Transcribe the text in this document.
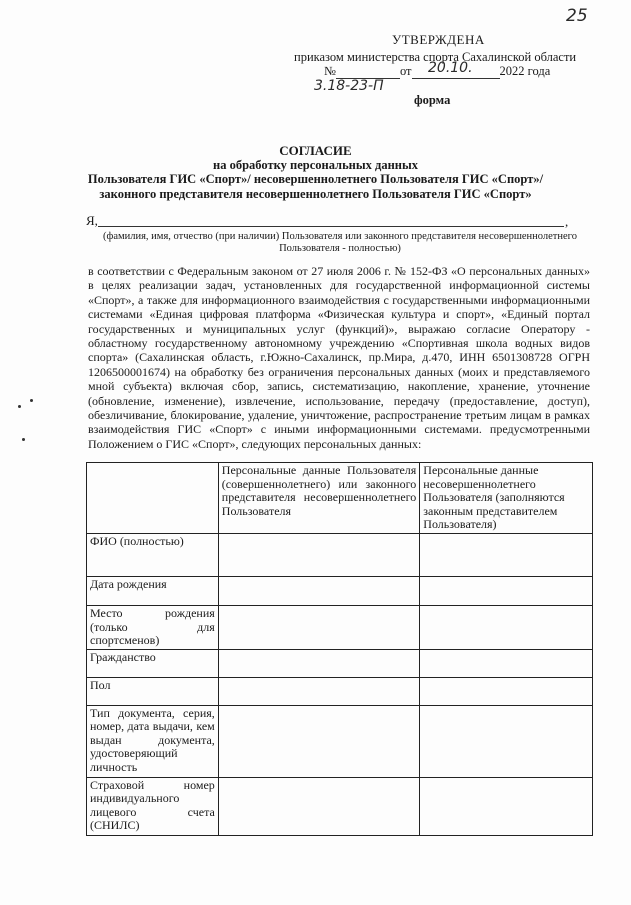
25
УТВЕРЖДЕНА
приказом министерства спорта Сахалинской области
№	от	2022 года
20.10.
3.18-23-П
форма
СОГЛАСИЕ
на обработку персональных данных
Пользователя ГИС «Спорт»/ несовершеннолетнего Пользователя ГИС «Спорт»/
законного представителя несовершеннолетнего Пользователя ГИС «Спорт»
Я,	,
(фамилия, имя, отчество (при наличии) Пользователя или законного представителя несовершеннолетнего Пользователя - полностью)
в соответствии с Федеральным законом от 27 июля 2006 г. № 152-ФЗ «О персональных данных» в целях реализации задач, установленных для государственной информационной системы «Спорт», а также для информационного взаимодействия с государственными информационными системами «Единая цифровая платформа «Физическая культура и спорт», «Единый портал государственных и муниципальных услуг (функций)», выражаю согласие Оператору - областному государственному автономному учреждению «Спортивная школа водных видов спорта» (Сахалинская область, г.Южно-Сахалинск, пр.Мира, д.470, ИНН 6501308728 ОГРН 1206500001674) на обработку без ограничения персональных данных (моих и представляемого мной субъекта) включая сбор, запись, систематизацию, накопление, хранение, уточнение (обновление, изменение), извлечение, использование, передачу (предоставление, доступ), обезличивание, блокирование, удаление, уничтожение, распространение третьим лицам в рамках взаимодействия ГИС «Спорт» с иными информационными системами. предусмотренными Положением о ГИС «Спорт», следующих персональных данных:
	Персональные данные Пользователя (совершеннолетнего) или законного представителя несовершеннолетнего Пользователя	Персональные данные несовершеннолетнего Пользователя (заполняются законным представителем Пользователя)
ФИО (полностью)		
Дата рождения		
Место рождения (только для спортсменов)		
Гражданство		
Пол		
Тип документа, серия, номер, дата выдачи, кем выдан документа, удостоверяющий личность		
Страховой номер индивидуального лицевого счета (СНИЛС)		
